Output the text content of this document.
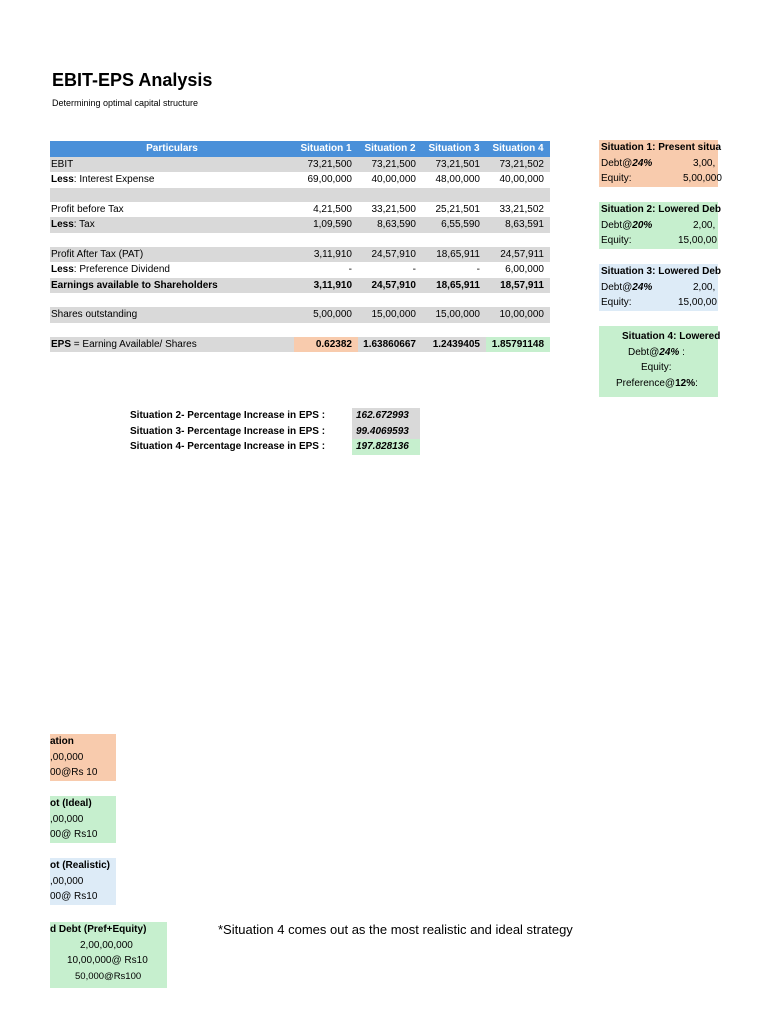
EBIT-EPS Analysis
Determining optimal capital structure
Particulars	Situation 1	Situation 2	Situation 3	Situation 4
EBIT	73,21,500	73,21,500	73,21,501	73,21,502
Less: Interest Expense	69,00,000	40,00,000	48,00,000	40,00,000

Profit before Tax	4,21,500	33,21,500	25,21,501	33,21,502
Less: Tax	1,09,590	8,63,590	6,55,590	8,63,591

Profit After Tax (PAT)	3,11,910	24,57,910	18,65,911	24,57,911
Less: Preference Dividend	-	-	-	6,00,000
Earnings available to Shareholders	3,11,910	24,57,910	18,65,911	18,57,911

Shares outstanding	5,00,000	15,00,000	15,00,000	10,00,000

EPS = Earning Available/ Shares	0.62382	1.63860667	1.2439405	1.85791148
Situation 2- Percentage Increase in EPS :	162.672993
Situation 3- Percentage Increase in EPS :	99.4069593
Situation 4- Percentage Increase in EPS :	197.828136
Situation 1: Present situa
Debt@24%	3,00,
Equity:	5,00,000
Situation 2: Lowered Deb
Debt@20%	2,00,
Equity:	15,00,00
Situation 3: Lowered Deb
Debt@24%	2,00,
Equity:	15,00,00
Situation 4: Lowered
Debt@24% :
Equity:
Preference@12%:
ation
,00,000
00@Rs 10
ot (Ideal)
,00,000
00@ Rs10
ot (Realistic)
,00,000
00@ Rs10
d Debt (Pref+Equity)
2,00,00,000
10,00,000@ Rs10
50,000@Rs100
*Situation 4 comes out as the most realistic and ideal strategy
